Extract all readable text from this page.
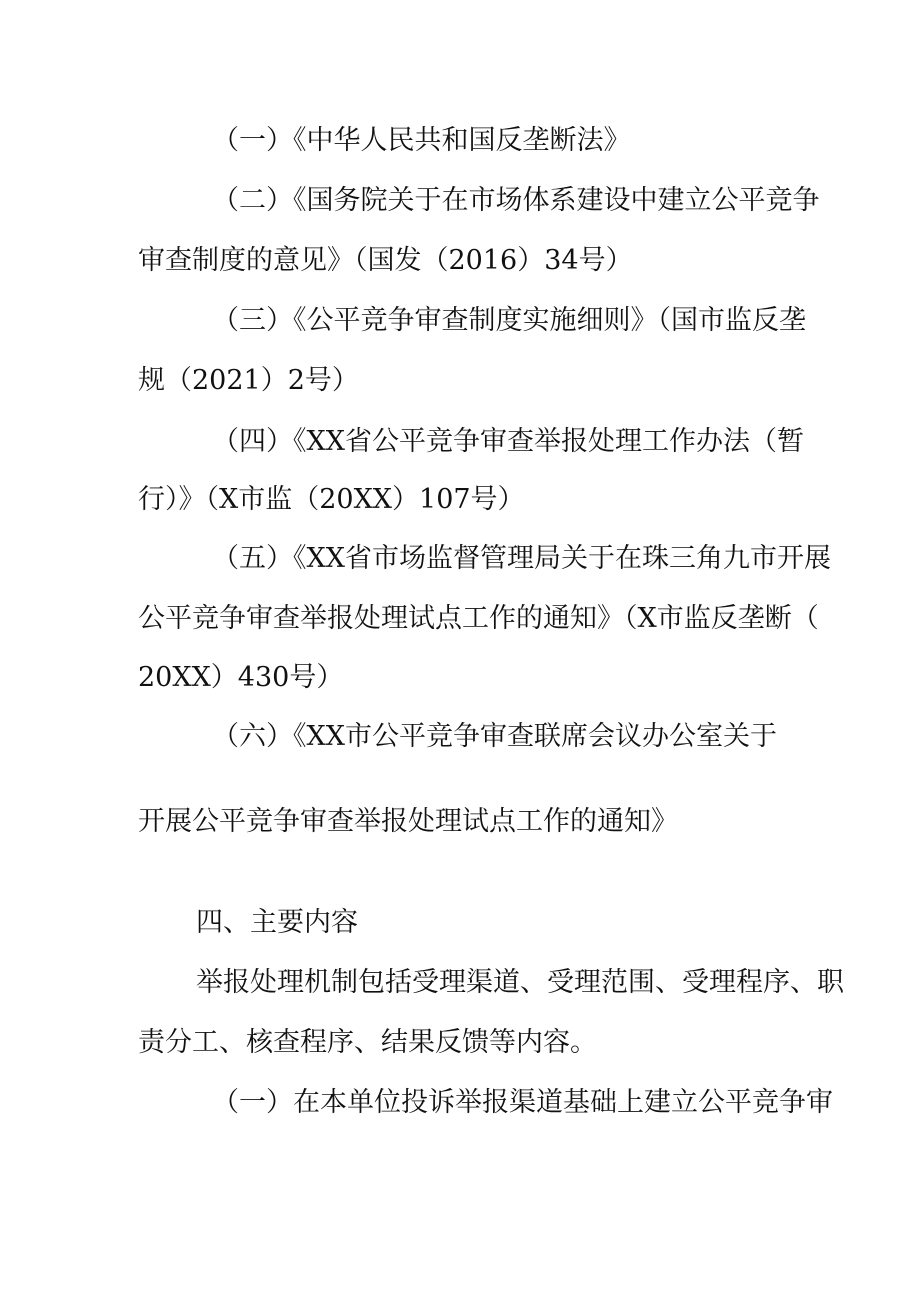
（一）《中华人民共和国反垄断法》

（二）《国务院关于在市场体系建设中建立公平竞争

审查制度的意见》（国发（2016）34号）

（三）《公平竞争审查制度实施细则》（国市监反垄

规（2021）2号）

（四）《XX省公平竞争审查举报处理工作办法（暂

行）》（X市监（20XX）107号）

（五）《XX省市场监督管理局关于在珠三角九市开展

公平竞争审查举报处理试点工作的通知》（X市监反垄断（

20XX）430号）

（六）《XX市公平竞争审查联席会议办公室关于

开展公平竞争审查举报处理试点工作的通知》

四、主要内容

举报处理机制包括受理渠道、受理范围、受理程序、职

责分工、核查程序、结果反馈等内容。

（一）在本单位投诉举报渠道基础上建立公平竞争审
